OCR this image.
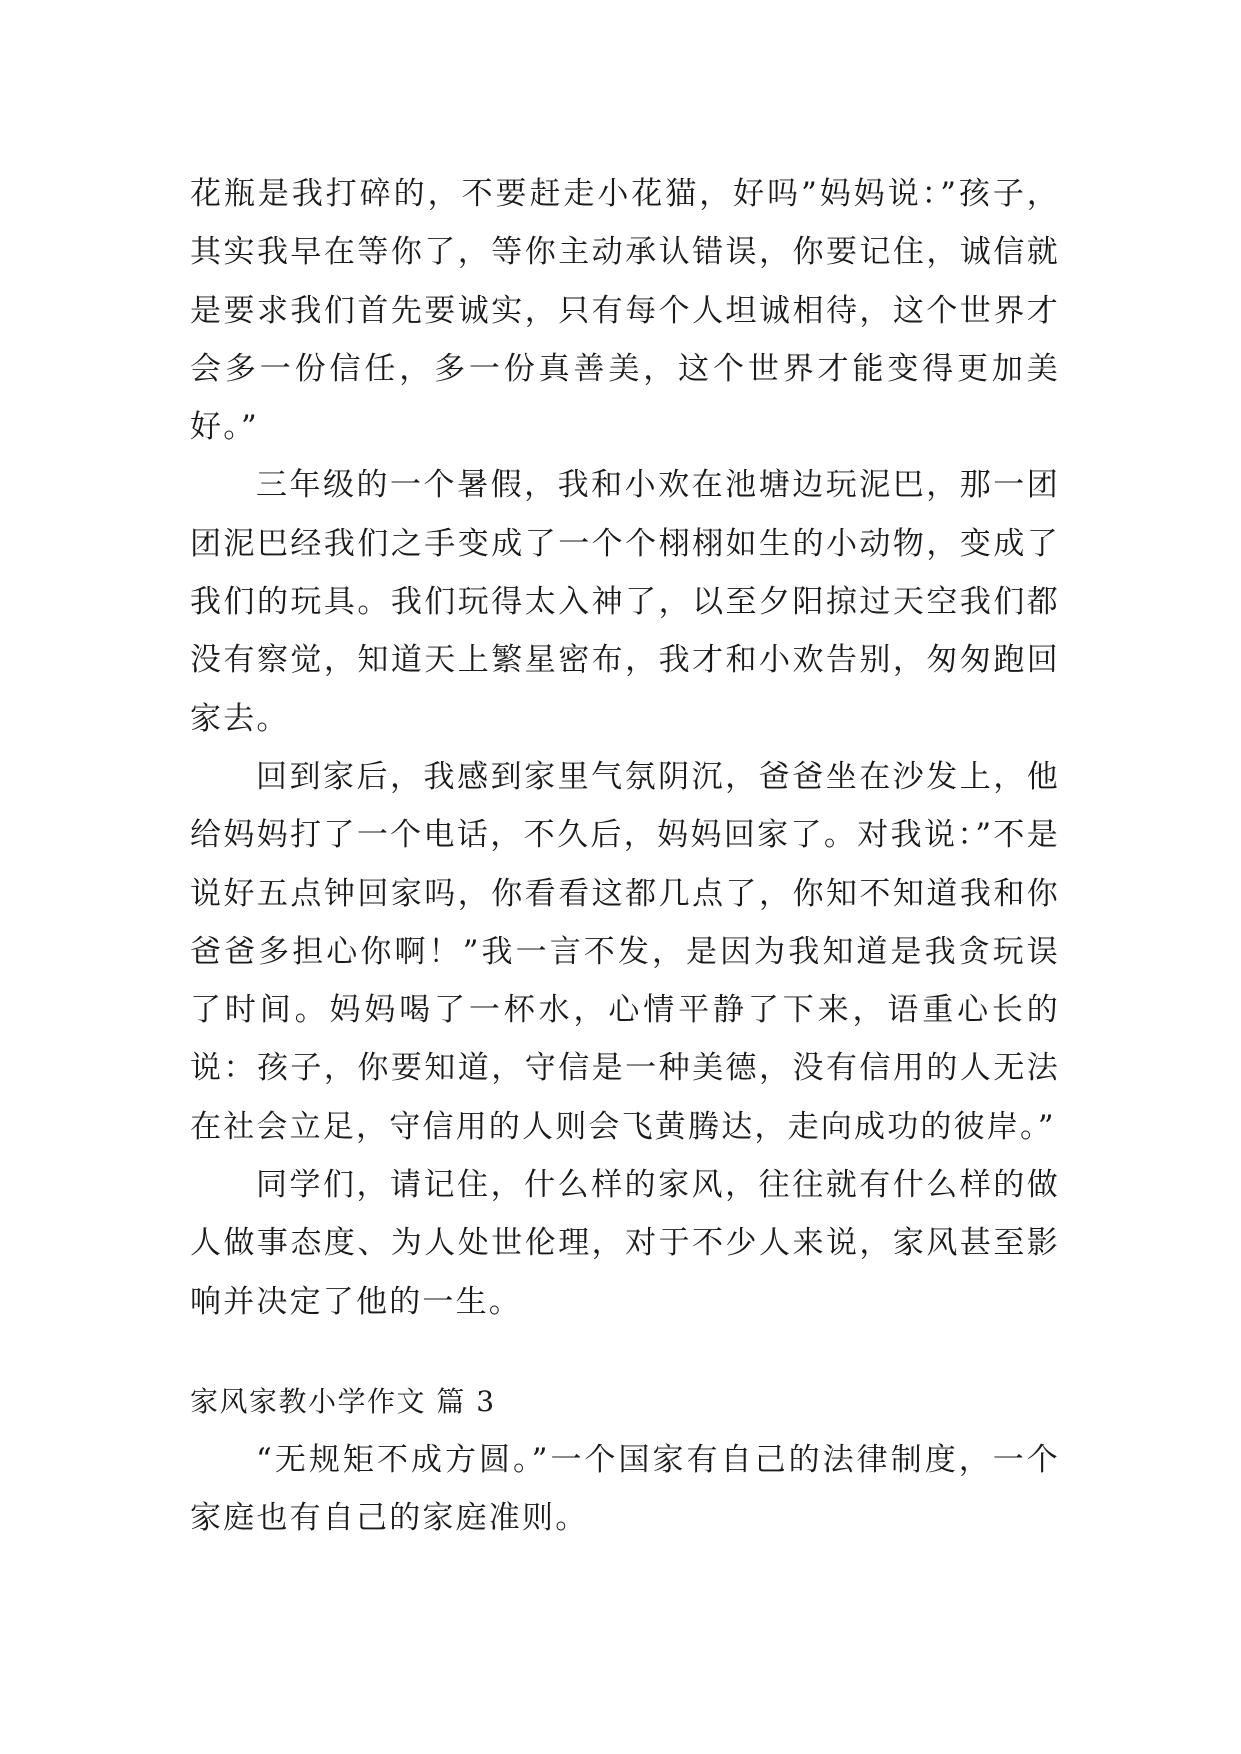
花瓶是我打碎的，不要赶走小花猫，好吗”妈妈说：”孩子，其实我早在等你了，等你主动承认错误，你要记住，诚信就是要求我们首先要诚实，只有每个人坦诚相待，这个世界才会多一份信任，多一份真善美，这个世界才能变得更加美好。”

三年级的一个暑假，我和小欢在池塘边玩泥巴，那一团团泥巴经我们之手变成了一个个栩栩如生的小动物，变成了我们的玩具。我们玩得太入神了，以至夕阳掠过天空我们都没有察觉，知道天上繁星密布，我才和小欢告别，匆匆跑回家去。

回到家后，我感到家里气氛阴沉，爸爸坐在沙发上，他给妈妈打了一个电话，不久后，妈妈回家了。对我说：”不是说好五点钟回家吗，你看看这都几点了，你知不知道我和你爸爸多担心你啊！”我一言不发，是因为我知道是我贪玩误了时间。妈妈喝了一杯水，心情平静了下来，语重心长的说：孩子，你要知道，守信是一种美德，没有信用的人无法在社会立足，守信用的人则会飞黄腾达，走向成功的彼岸。”

同学们，请记住，什么样的家风，往往就有什么样的做人做事态度、为人处世伦理，对于不少人来说，家风甚至影响并决定了他的一生。

家风家教小学作文 篇 3

“无规矩不成方圆。”一个国家有自己的法律制度，一个家庭也有自己的家庭准则。
